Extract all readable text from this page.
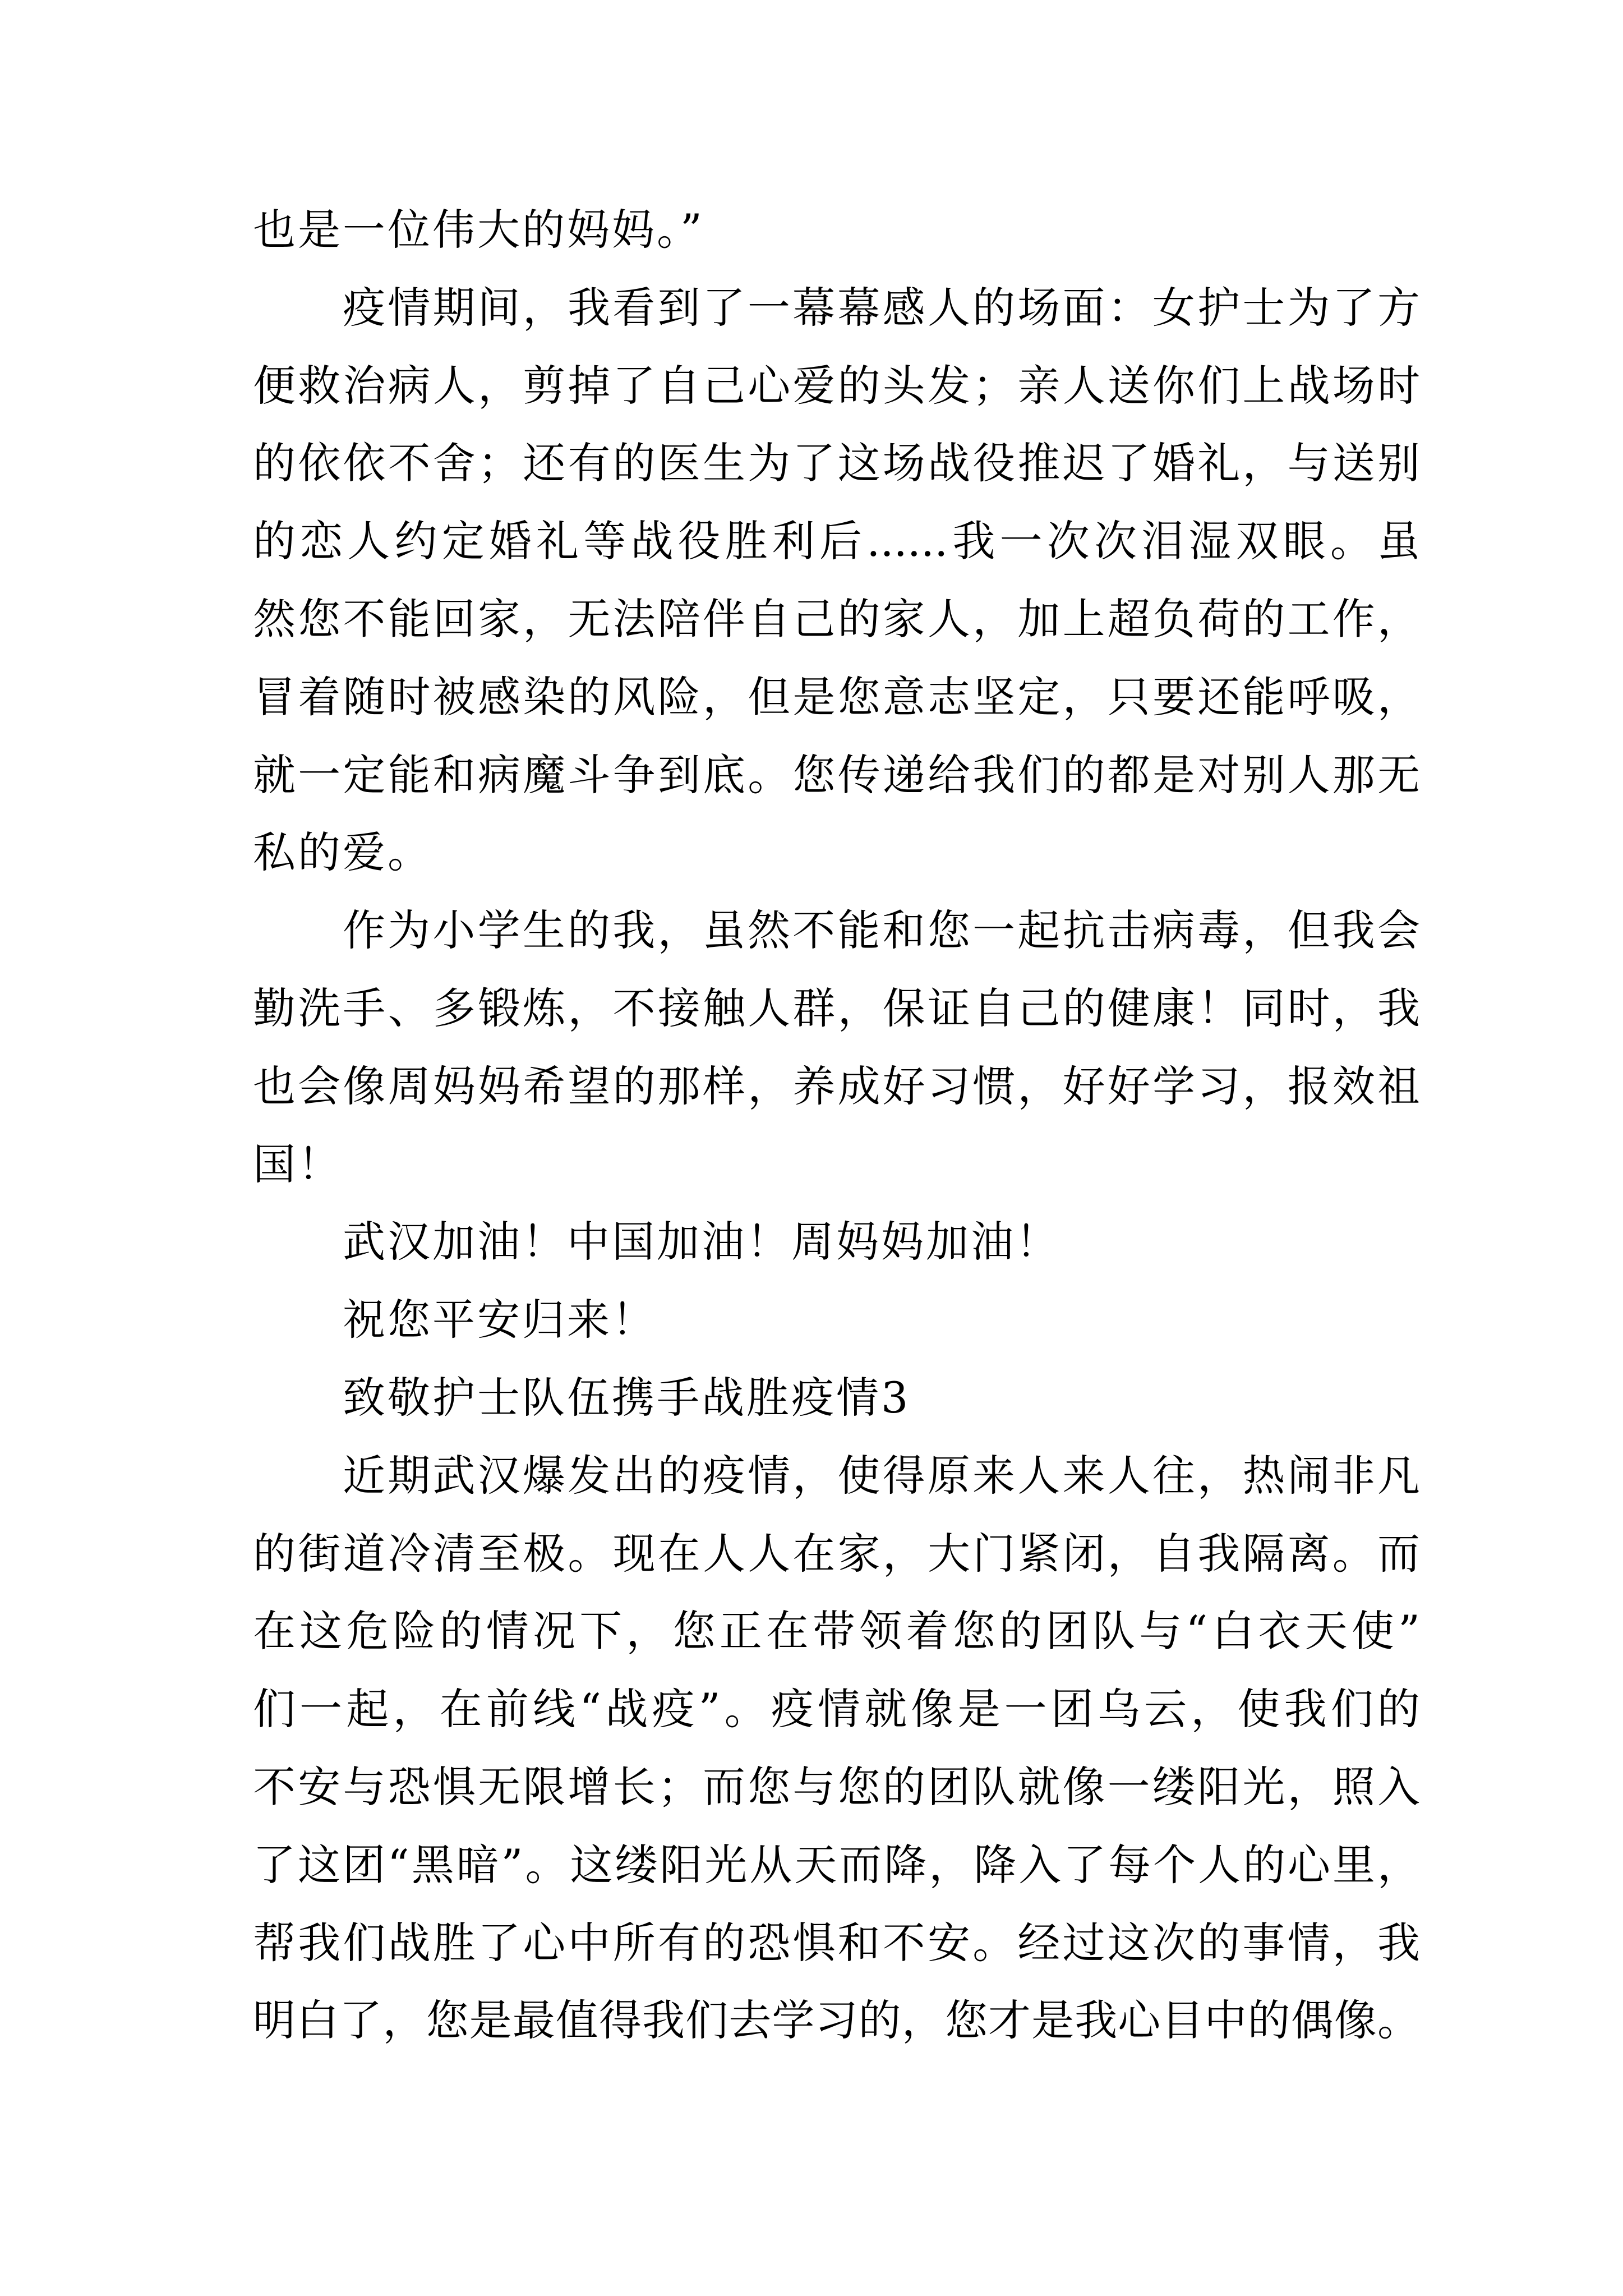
也是一位伟大的妈妈。”
疫情期间，我看到了一幕幕感人的场面：女护士为了方
便救治病人，剪掉了自己心爱的头发；亲人送你们上战场时
的依依不舍；还有的医生为了这场战役推迟了婚礼，与送别
的恋人约定婚礼等战役胜利后......我一次次泪湿双眼。虽
然您不能回家，无法陪伴自己的家人，加上超负荷的工作，
冒着随时被感染的风险，但是您意志坚定，只要还能呼吸，
就一定能和病魔斗争到底。您传递给我们的都是对别人那无
私的爱。
作为小学生的我，虽然不能和您一起抗击病毒，但我会
勤洗手、多锻炼，不接触人群，保证自己的健康！同时，我
也会像周妈妈希望的那样，养成好习惯，好好学习，报效祖
国！
武汉加油！中国加油！周妈妈加油！
祝您平安归来！
致敬护士队伍携手战胜疫情3
近期武汉爆发出的疫情，使得原来人来人往，热闹非凡
的街道冷清至极。现在人人在家，大门紧闭，自我隔离。而
在这危险的情况下，您正在带领着您的团队与“白衣天使”
们一起，在前线“战疫”。疫情就像是一团乌云，使我们的
不安与恐惧无限增长；而您与您的团队就像一缕阳光，照入
了这团“黑暗”。这缕阳光从天而降，降入了每个人的心里，
帮我们战胜了心中所有的恐惧和不安。经过这次的事情，我
明白了，您是最值得我们去学习的，您才是我心目中的偶像。
